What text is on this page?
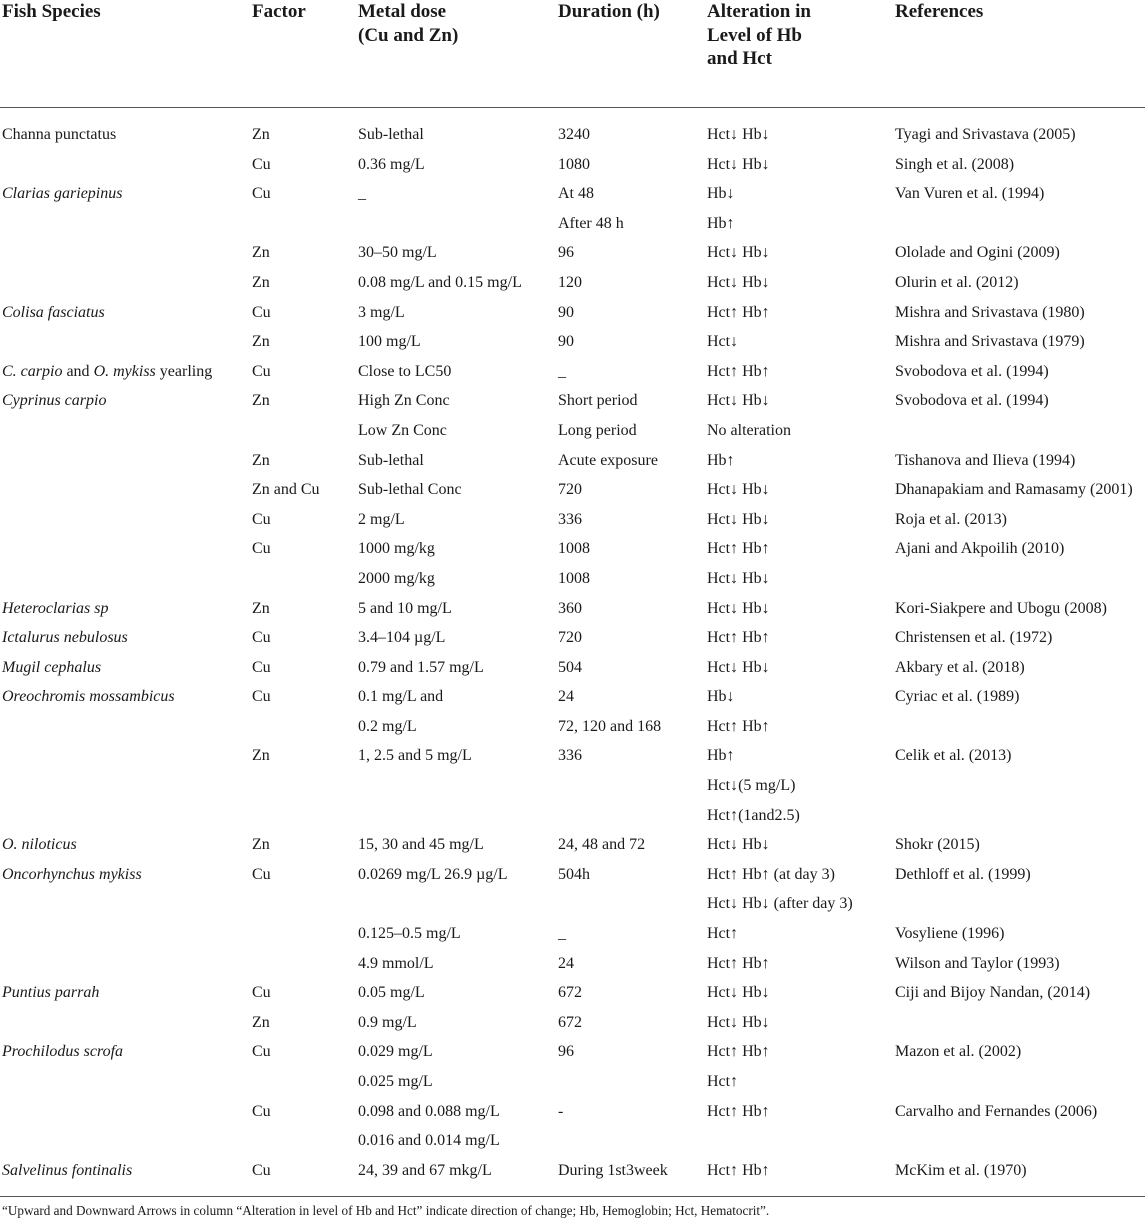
Fish Species	Factor	Metal dose (Cu and Zn)	Duration (h)	Alteration in Level of Hb and Hct	References

Channa punctatus	Zn	Sub-lethal	3240	Hct↓ Hb↓	Tyagi and Srivastava (2005)
	Cu	0.36 mg/L	1080	Hct↓ Hb↓	Singh et al. (2008)
Clarias gariepinus	Cu	_	At 48	Hb↓	Van Vuren et al. (1994)
			After 48 h	Hb↑	
	Zn	30–50 mg/L	96	Hct↓ Hb↓	Ololade and Ogini (2009)
	Zn	0.08 mg/L and 0.15 mg/L	120	Hct↓ Hb↓	Olurin et al. (2012)
Colisa fasciatus	Cu	3 mg/L	90	Hct↑ Hb↑	Mishra and Srivastava (1980)
	Zn	100 mg/L	90	Hct↓	Mishra and Srivastava (1979)
C. carpio and O. mykiss yearling	Cu	Close to LC50	_	Hct↑ Hb↑	Svobodova et al. (1994)
Cyprinus carpio	Zn	High Zn Conc	Short period	Hct↓ Hb↓	Svobodova et al. (1994)
		Low Zn Conc	Long period	No alteration	
	Zn	Sub-lethal	Acute exposure	Hb↑	Tishanova and Ilieva (1994)
	Zn and Cu	Sub-lethal Conc	720	Hct↓ Hb↓	Dhanapakiam and Ramasamy (2001)
	Cu	2 mg/L	336	Hct↓ Hb↓	Roja et al. (2013)
	Cu	1000 mg/kg	1008	Hct↑ Hb↑	Ajani and Akpoilih (2010)
		2000 mg/kg	1008	Hct↓ Hb↓	
Heteroclarias sp	Zn	5 and 10 mg/L	360	Hct↓ Hb↓	Kori-Siakpere and Ubogu (2008)
Ictalurus nebulosus	Cu	3.4–104 µg/L	720	Hct↑ Hb↑	Christensen et al. (1972)
Mugil cephalus	Cu	0.79 and 1.57 mg/L	504	Hct↓ Hb↓	Akbary et al. (2018)
Oreochromis mossambicus	Cu	0.1 mg/L and	24	Hb↓	Cyriac et al. (1989)
		0.2 mg/L	72, 120 and 168	Hct↑ Hb↑	
	Zn	1, 2.5 and 5 mg/L	336	Hb↑	Celik et al. (2013)
				Hct↓(5 mg/L)	
				Hct↑(1and2.5)	
O. niloticus	Zn	15, 30 and 45 mg/L	24, 48 and 72	Hct↓ Hb↓	Shokr (2015)
Oncorhynchus mykiss	Cu	0.0269 mg/L 26.9 µg/L	504h	Hct↑ Hb↑ (at day 3)	Dethloff et al. (1999)
				Hct↓ Hb↓ (after day 3)	
		0.125–0.5 mg/L	_	Hct↑	Vosyliene (1996)
		4.9 mmol/L	24	Hct↑ Hb↑	Wilson and Taylor (1993)
Puntius parrah	Cu	0.05 mg/L	672	Hct↓ Hb↓	Ciji and Bijoy Nandan, (2014)
	Zn	0.9 mg/L	672	Hct↓ Hb↓	
Prochilodus scrofa	Cu	0.029 mg/L	96	Hct↑ Hb↑	Mazon et al. (2002)
		0.025 mg/L		Hct↑	
	Cu	0.098 and 0.088 mg/L	-	Hct↑ Hb↑	Carvalho and Fernandes (2006)
		0.016 and 0.014 mg/L			
Salvelinus fontinalis	Cu	24, 39 and 67 mkg/L	During 1st3week	Hct↑ Hb↑	McKim et al. (1970)
“Upward and Downward Arrows in column “Alteration in level of Hb and Hct” indicate direction of change; Hb, Hemoglobin; Hct, Hematocrit”.
